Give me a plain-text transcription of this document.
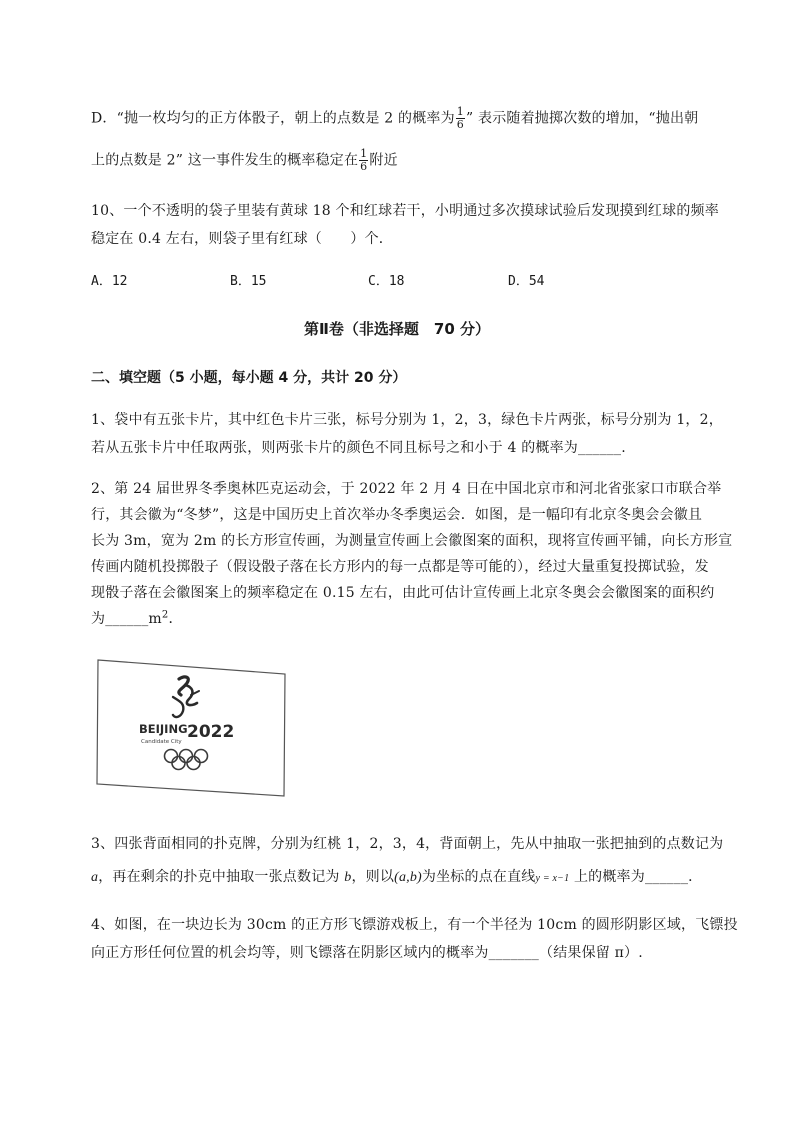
D．“抛一枚均匀的正方体骰子，朝上的点数是 2 的概率为 $\frac{1}{6}$ ” 表示随着抛掷次数的增加，“抛出朝
上的点数是 2” 这一事件发生的概率稳定在 $\frac{1}{6}$ 附近
10、一个不透明的袋子里装有黄球 18 个和红球若干，小明通过多次摸球试验后发现摸到红球的频率
稳定在 0.4 左右，则袋子里有红球（　　）个．
A．12	B．15	C．18	D．54
第Ⅱ卷（非选择题　70 分）
二、填空题（5 小题，每小题 4 分，共计 20 分）
1、袋中有五张卡片，其中红色卡片三张，标号分别为 1，2，3，绿色卡片两张，标号分别为 1，2，
若从五张卡片中任取两张，则两张卡片的颜色不同且标号之和小于 4 的概率为______.
2、第 24 届世界冬季奥林匹克运动会，于 2022 年 2 月 4 日在中国北京市和河北省张家口市联合举
行，其会徽为“冬梦”，这是中国历史上首次举办冬季奥运会．如图，是一幅印有北京冬奥会会徽且
长为 3m，宽为 2m 的长方形宣传画，为测量宣传画上会徽图案的面积，现将宣传画平铺，向长方形宣
传画内随机投掷骰子（假设骰子落在长方形内的每一点都是等可能的），经过大量重复投掷试验，发
现骰子落在会徽图案上的频率稳定在 0.15 左右，由此可估计宣传画上北京冬奥会会徽图案的面积约
为$\_\_\_\_\_\_m^2$．
BEIJING 2022
Candidate City
3、四张背面相同的扑克牌，分别为红桃 1，2，3，4，背面朝上，先从中抽取一张把抽到的点数记为
a，再在剩余的扑克中抽取一张点数记为 b，则以(a,b)为坐标的点在直线y = x−1 上的概率为______．
4、如图，在一块边长为 30cm 的正方形飞镖游戏板上，有一个半径为 10cm 的圆形阴影区域，飞镖投
向正方形任何位置的机会均等，则飞镖落在阴影区域内的概率为_______（结果保留 π）.
